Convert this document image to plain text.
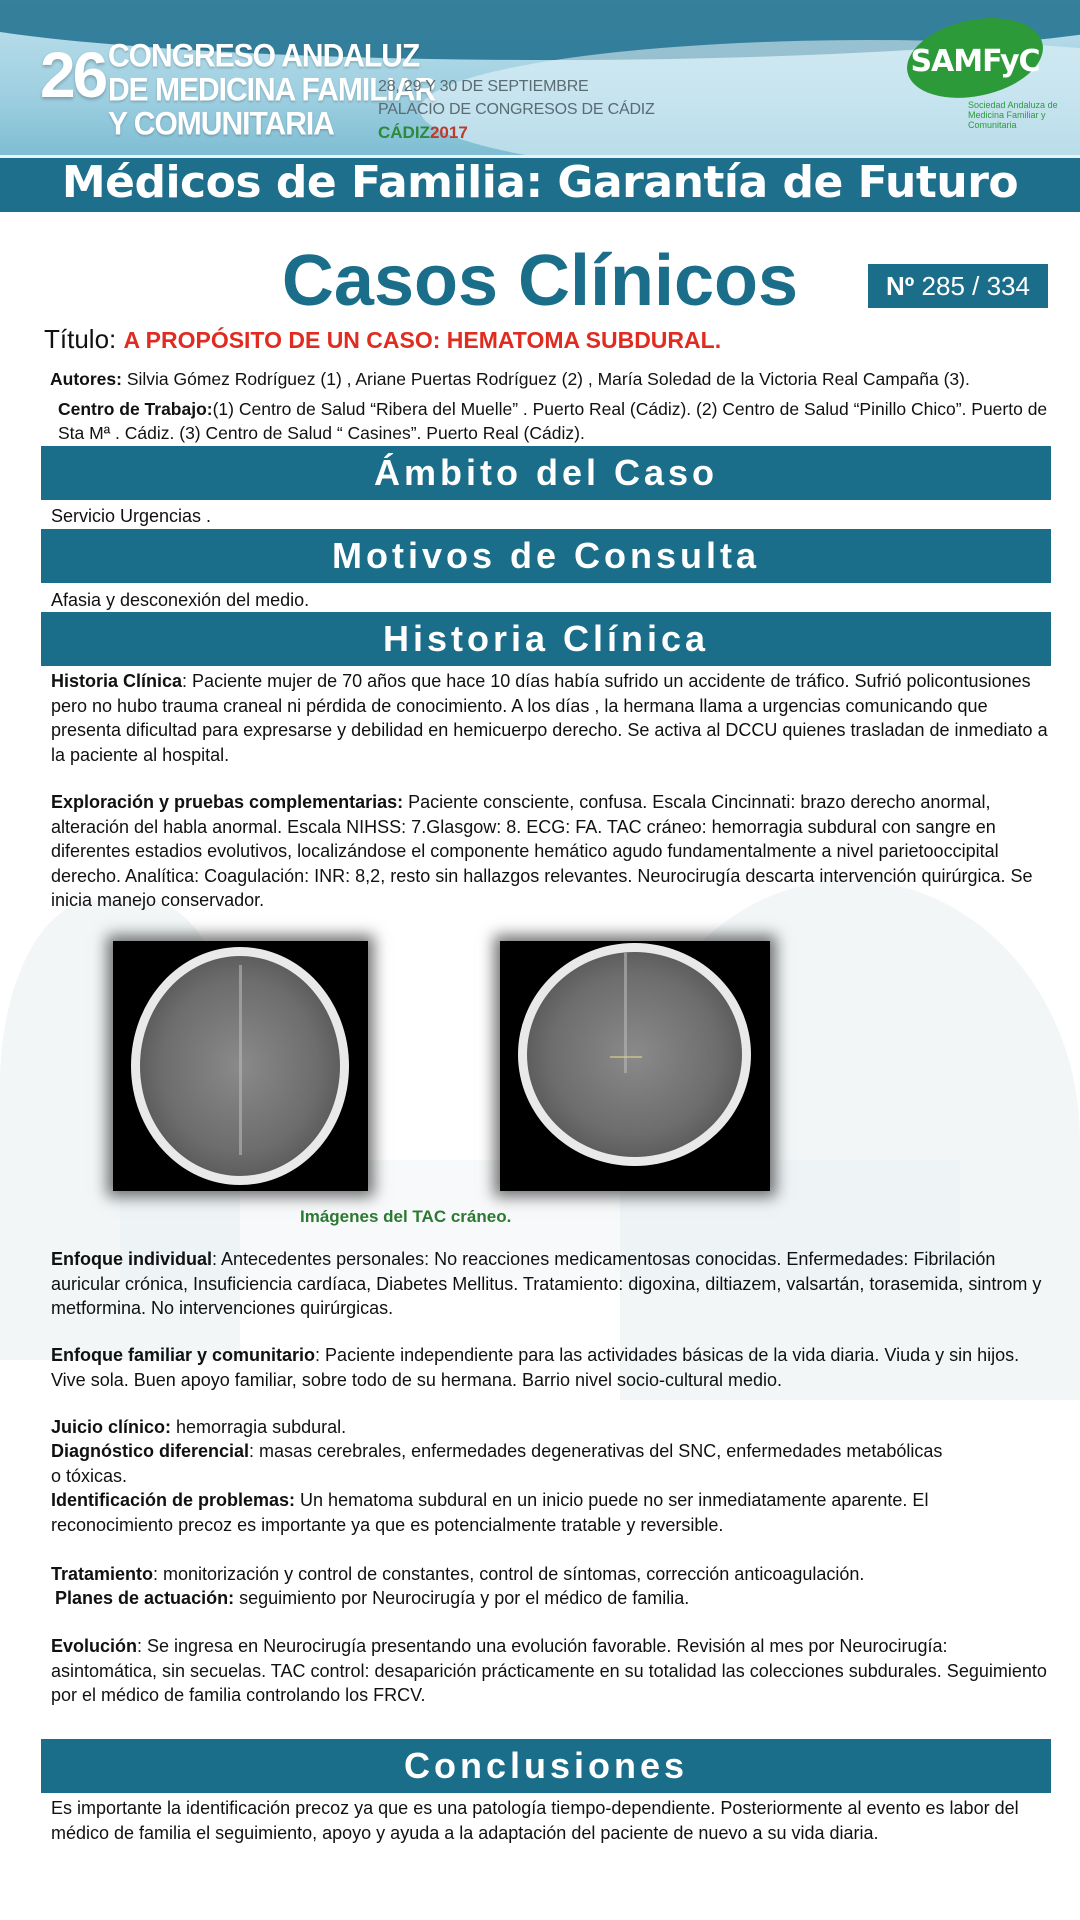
26 CONGRESO ANDALUZ
DE MEDICINA FAMILIAR
Y COMUNITARIA
28, 29 Y 30 DE SEPTIEMBRE
PALACIO DE CONGRESOS DE CÁDIZ
CÁDIZ2017
SAMFyC
Sociedad Andaluza de Medicina Familiar y Comunitaria
Médicos de Familia: Garantía de Futuro
Casos Clínicos	Nº 285 / 334
Título: A PROPÓSITO DE UN CASO: HEMATOMA SUBDURAL.
Autores: Silvia Gómez Rodríguez (1) , Ariane Puertas Rodríguez (2) , María Soledad de la Victoria Real Campaña (3).
Centro de Trabajo:(1) Centro de Salud “Ribera del Muelle” . Puerto Real (Cádiz). (2) Centro de Salud “Pinillo Chico”. Puerto de Sta Mª . Cádiz. (3) Centro de Salud “ Casines”. Puerto Real (Cádiz).
Ámbito del Caso
Servicio Urgencias .
Motivos de Consulta
Afasia y desconexión del medio.
Historia Clínica
Historia Clínica: Paciente mujer de 70 años que hace 10 días había sufrido un accidente de tráfico. Sufrió policontusiones pero no hubo trauma craneal ni pérdida de conocimiento. A los días , la hermana llama a urgencias comunicando que presenta dificultad para expresarse y debilidad en hemicuerpo derecho. Se activa al DCCU quienes trasladan de inmediato a la paciente al hospital.
Exploración y pruebas complementarias: Paciente consciente, confusa. Escala Cincinnati: brazo derecho anormal, alteración del habla anormal. Escala NIHSS: 7.Glasgow: 8. ECG: FA. TAC cráneo: hemorragia subdural con sangre en diferentes estadios evolutivos, localizándose el componente hemático agudo fundamentalmente a nivel parietooccipital derecho. Analítica: Coagulación: INR: 8,2, resto sin hallazgos relevantes. Neurocirugía descarta intervención quirúrgica. Se inicia manejo conservador.
Imágenes del TAC cráneo.
Enfoque individual: Antecedentes personales: No reacciones medicamentosas conocidas. Enfermedades: Fibrilación auricular crónica, Insuficiencia cardíaca, Diabetes Mellitus. Tratamiento: digoxina, diltiazem, valsartán, torasemida, sintrom y metformina. No intervenciones quirúrgicas.
Enfoque familiar y comunitario: Paciente independiente para las actividades básicas de la vida diaria. Viuda y sin hijos. Vive sola. Buen apoyo familiar, sobre todo de su hermana. Barrio nivel socio-cultural medio.
Juicio clínico: hemorragia subdural.
Diagnóstico diferencial: masas cerebrales, enfermedades degenerativas del SNC, enfermedades metabólicas o tóxicas.
Identificación de problemas: Un hematoma subdural en un inicio puede no ser inmediatamente aparente. El reconocimiento precoz es importante ya que es potencialmente tratable y reversible.
Tratamiento: monitorización y control de constantes, control de síntomas, corrección anticoagulación.
Planes de actuación: seguimiento por Neurocirugía y por el médico de familia.
Evolución: Se ingresa en Neurocirugía presentando una evolución favorable. Revisión al mes por Neurocirugía: asintomática, sin secuelas. TAC control: desaparición prácticamente en su totalidad las colecciones subdurales. Seguimiento por el médico de familia controlando los FRCV.
Conclusiones
Es importante la identificación precoz ya que es una patología tiempo-dependiente. Posteriormente al evento es labor del médico de familia el seguimiento, apoyo y ayuda a la adaptación del paciente de nuevo a su vida diaria.
